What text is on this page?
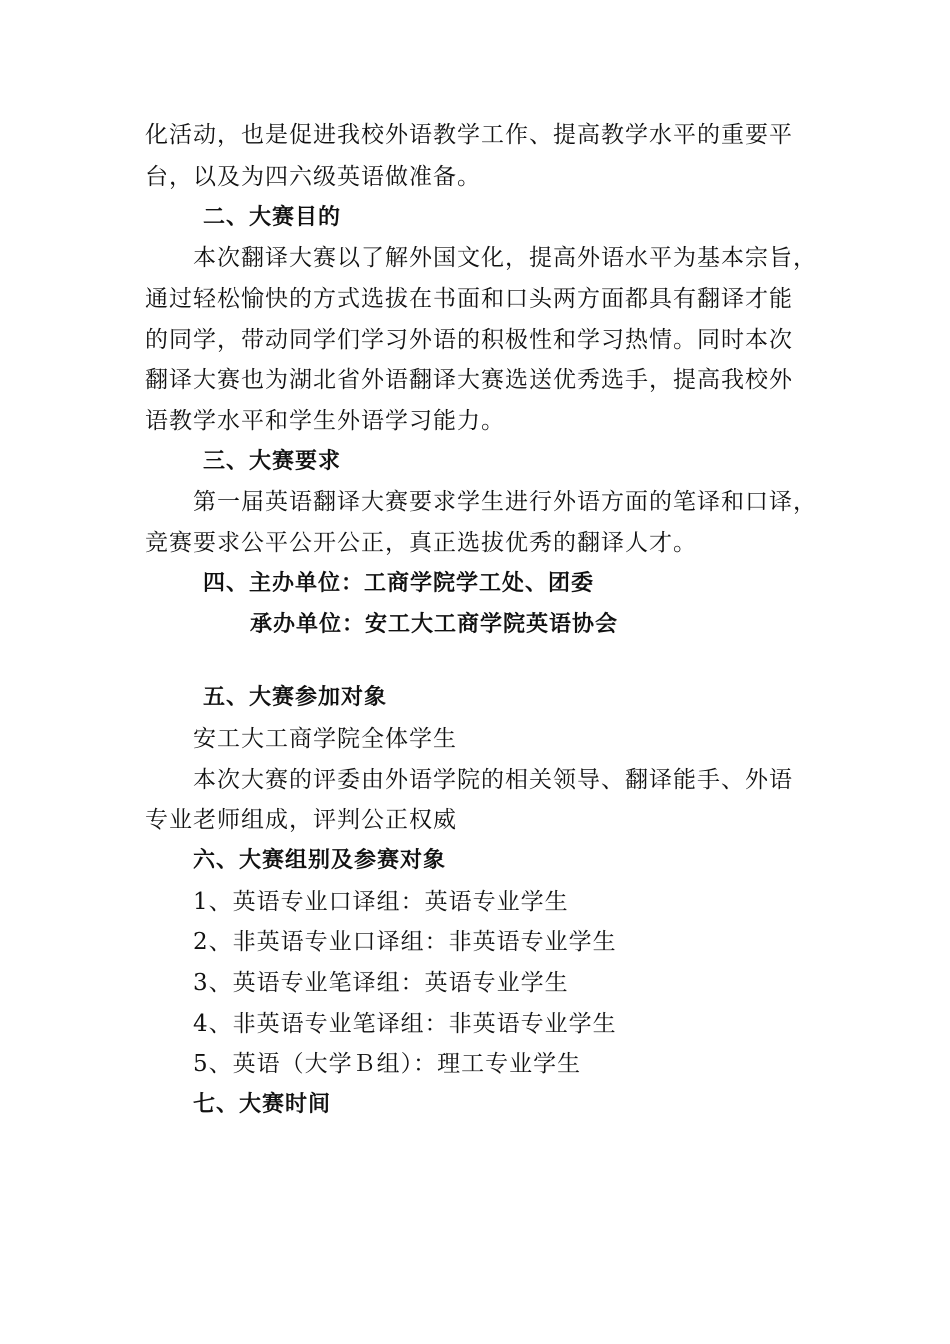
化活动，也是促进我校外语教学工作、提高教学水平的重要平
台，以及为四六级英语做准备。
二、大赛目的
本次翻译大赛以了解外国文化，提高外语水平为基本宗旨，
通过轻松愉快的方式选拔在书面和口头两方面都具有翻译才能
的同学，带动同学们学习外语的积极性和学习热情。同时本次
翻译大赛也为湖北省外语翻译大赛选送优秀选手，提高我校外
语教学水平和学生外语学习能力。
三、大赛要求
第一届英语翻译大赛要求学生进行外语方面的笔译和口译，
竞赛要求公平公开公正，真正选拔优秀的翻译人才。
四、主办单位：工商学院学工处、团委
承办单位：安工大工商学院英语协会
五、大赛参加对象
安工大工商学院全体学生
本次大赛的评委由外语学院的相关领导、翻译能手、外语
专业老师组成，评判公正权威
六、大赛组别及参赛对象
1、英语专业口译组：英语专业学生
2、非英语专业口译组：非英语专业学生
3、英语专业笔译组：英语专业学生
4、非英语专业笔译组：非英语专业学生
5、英语（大学Ｂ组）：理工专业学生
七、大赛时间
